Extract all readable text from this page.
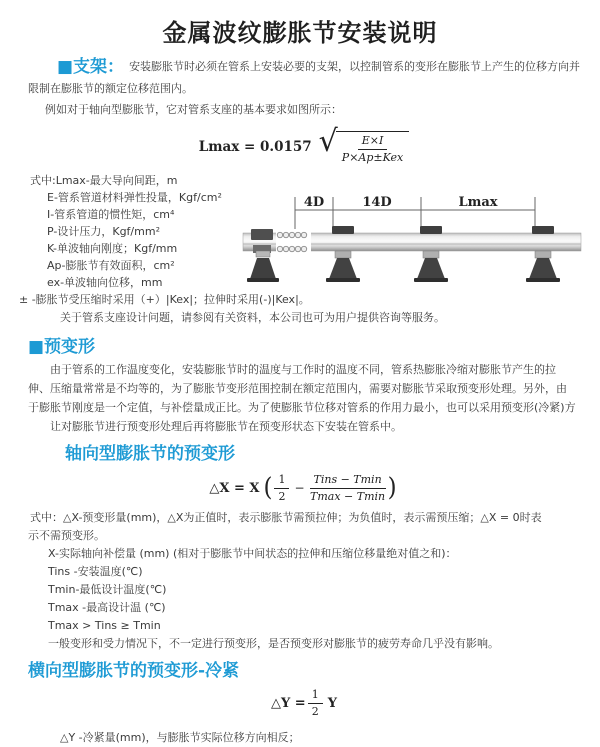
金属波纹膨胀节安装说明
■支架： 安装膨胀节时必须在管系上安装必要的支架，以控制管系的变形在膨胀节上产生的位移方向并
限制在膨胀节的额定位移范围内。
例如对于轴向型膨胀节，它对管系支座的基本要求如图所示：
Lmax = 0.0157 √ $\frac{E\times I}{\text{P×Ap±Kex}}$
式中:Lmax-最大导向间距，m
E-管系管道材料弹性投量，Kgf/cm²
I-管系管道的惯性矩，cm⁴
P-设计压力，Kgf/mm²
K-单波轴向刚度；Kgf/mm
Ap-膨胀节有效面积，cm²
ex-单波轴向位移，mm
± -膨胀节受压缩时采用（+）|Kex|；拉伸时采用(-)|Kex|。
关于管系支座设计问题，请参阅有关资料，本公司也可为用户提供咨询等服务。
■预变形
由于管系的工作温度变化，安装膨胀节时的温度与工作时的温度不同，管系热膨胀冷缩对膨胀节产生的拉
伸、压缩量常常是不均等的，为了膨胀节变形范围控制在额定范围内，需要对膨胀节采取预变形处理。另外，由
于膨胀节刚度是一个定值，与补偿量成正比。为了使膨胀节位移对管系的作用力最小，也可以采用预变形(冷紧)方
让对膨胀节进行预变形处理后再将膨胀节在预变形状态下安装在管系中。
轴向型膨胀节的预变形
△X = X ( $\frac{1}{2} - \frac{\text{Tins − Tmin}}{Tmax - Tmin}$ )
式中：△X-预变形量(mm)，△X为正值时，表示膨胀节需预拉伸；为负值时，表示需预压缩；△X = 0时表
示不需预变形。
X-实际轴向补偿量 (mm) (相对于膨胀节中间状态的拉伸和压缩位移量绝对值之和)：
Tins -安装温度(℃)
Tmin-最低设计温度(℃)
Tmax -最高设计温 (℃)
Tmax > Tins ≥ Tmin
一般变形和受力情况下，不一定进行预变形，是否预变形对膨胀节的疲劳寿命几乎没有影响。
横向型膨胀节的预变形-冷紧
△Y = $\frac{1}{2}$ Y
△Y -冷紧量(mm)，与膨胀节实际位移方向相反；
4D	14D	Lmax
